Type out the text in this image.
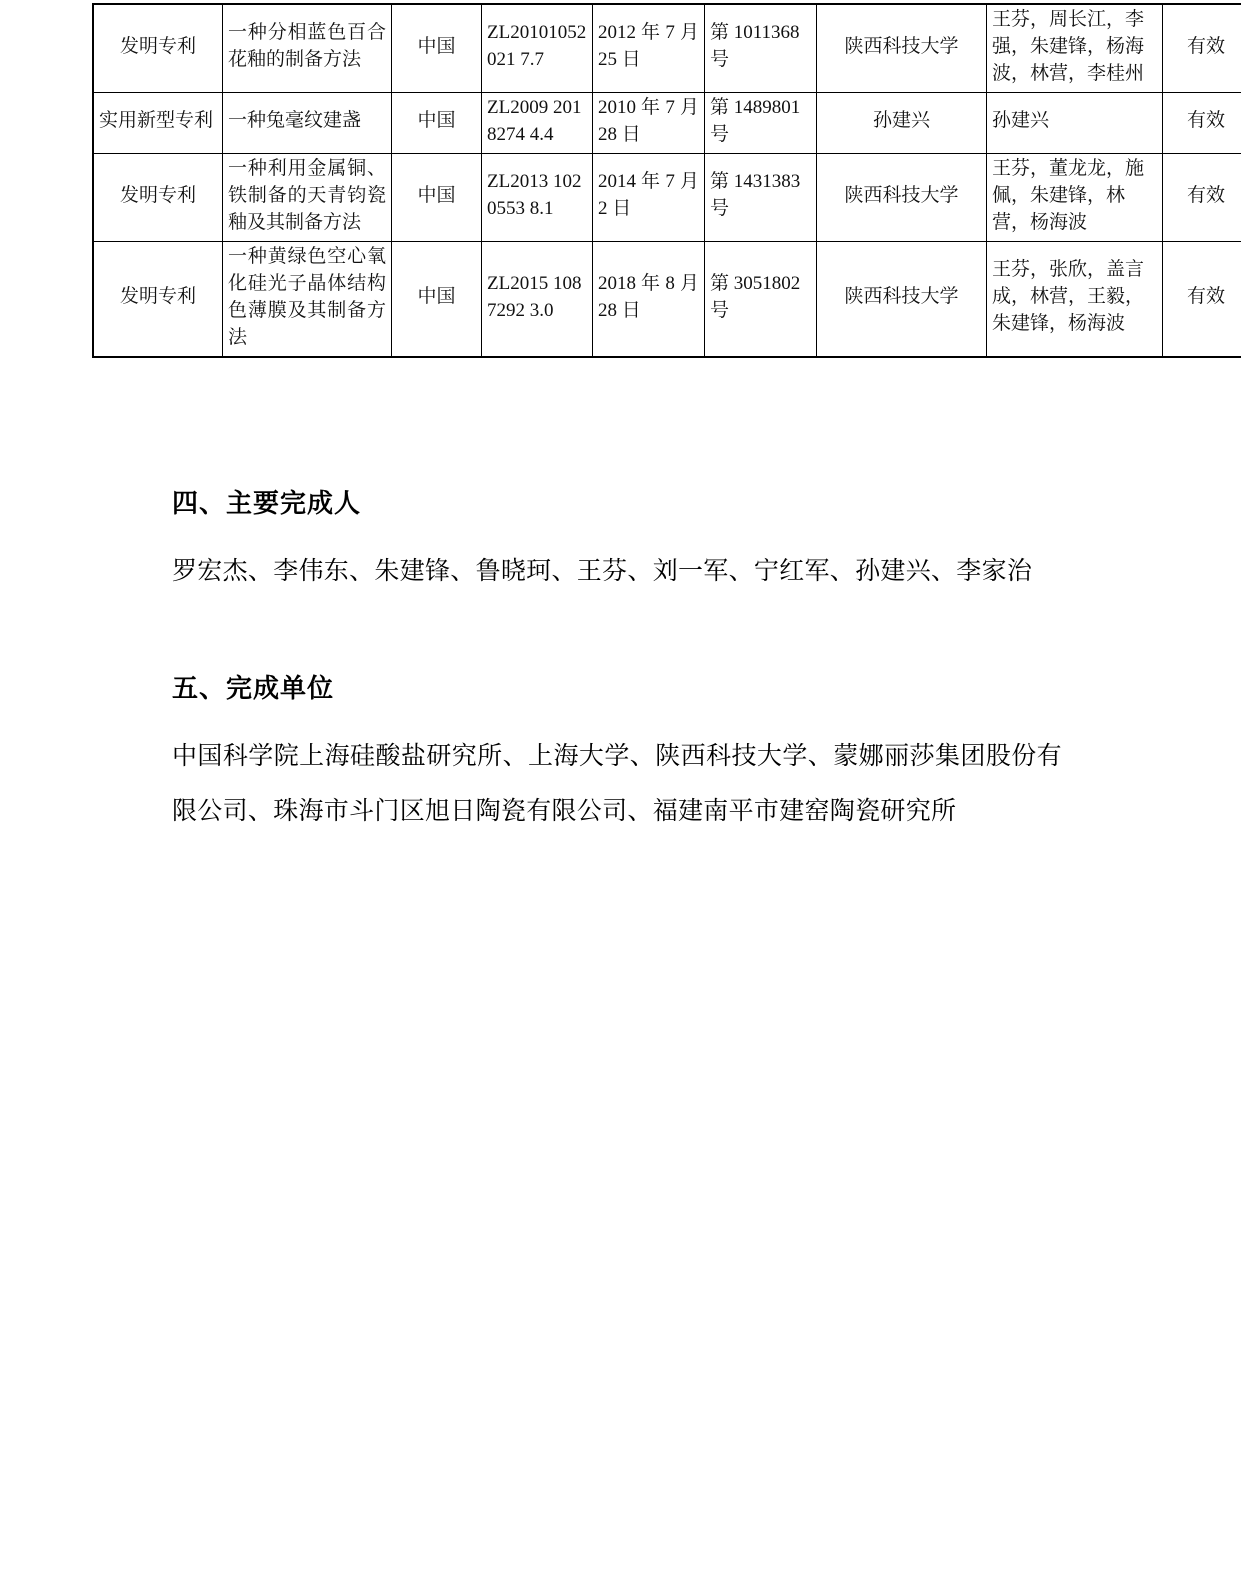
发明专利	一种分相蓝色百合花釉的制备方法	中国	ZL20101052021 7.7	2012 年 7 月 25 日	第 1011368 号	陕西科技大学	王芬，周长江，李强，朱建锋，杨海波，林营，李桂州	有效
实用新型专利	一种兔毫纹建盏	中国	ZL2009 2018274 4.4	2010 年 7 月 28 日	第 1489801 号	孙建兴	孙建兴	有效
发明专利	一种利用金属铜、铁制备的天青钧瓷釉及其制备方法	中国	ZL2013 1020553 8.1	2014 年 7 月 2 日	第 1431383 号	陕西科技大学	王芬，董龙龙，施佩，朱建锋，林营，杨海波	有效
发明专利	一种黄绿色空心氧化硅光子晶体结构色薄膜及其制备方法	中国	ZL2015 1087292 3.0	2018 年 8 月 28 日	第 3051802 号	陕西科技大学	王芬，张欣，盖言成，林营，王毅，朱建锋，杨海波	有效
四、主要完成人

罗宏杰、李伟东、朱建锋、鲁晓珂、王芬、刘一军、宁红军、孙建兴、李家治

五、完成单位

中国科学院上海硅酸盐研究所、上海大学、陕西科技大学、蒙娜丽莎集团股份有限公司、珠海市斗门区旭日陶瓷有限公司、福建南平市建窑陶瓷研究所
